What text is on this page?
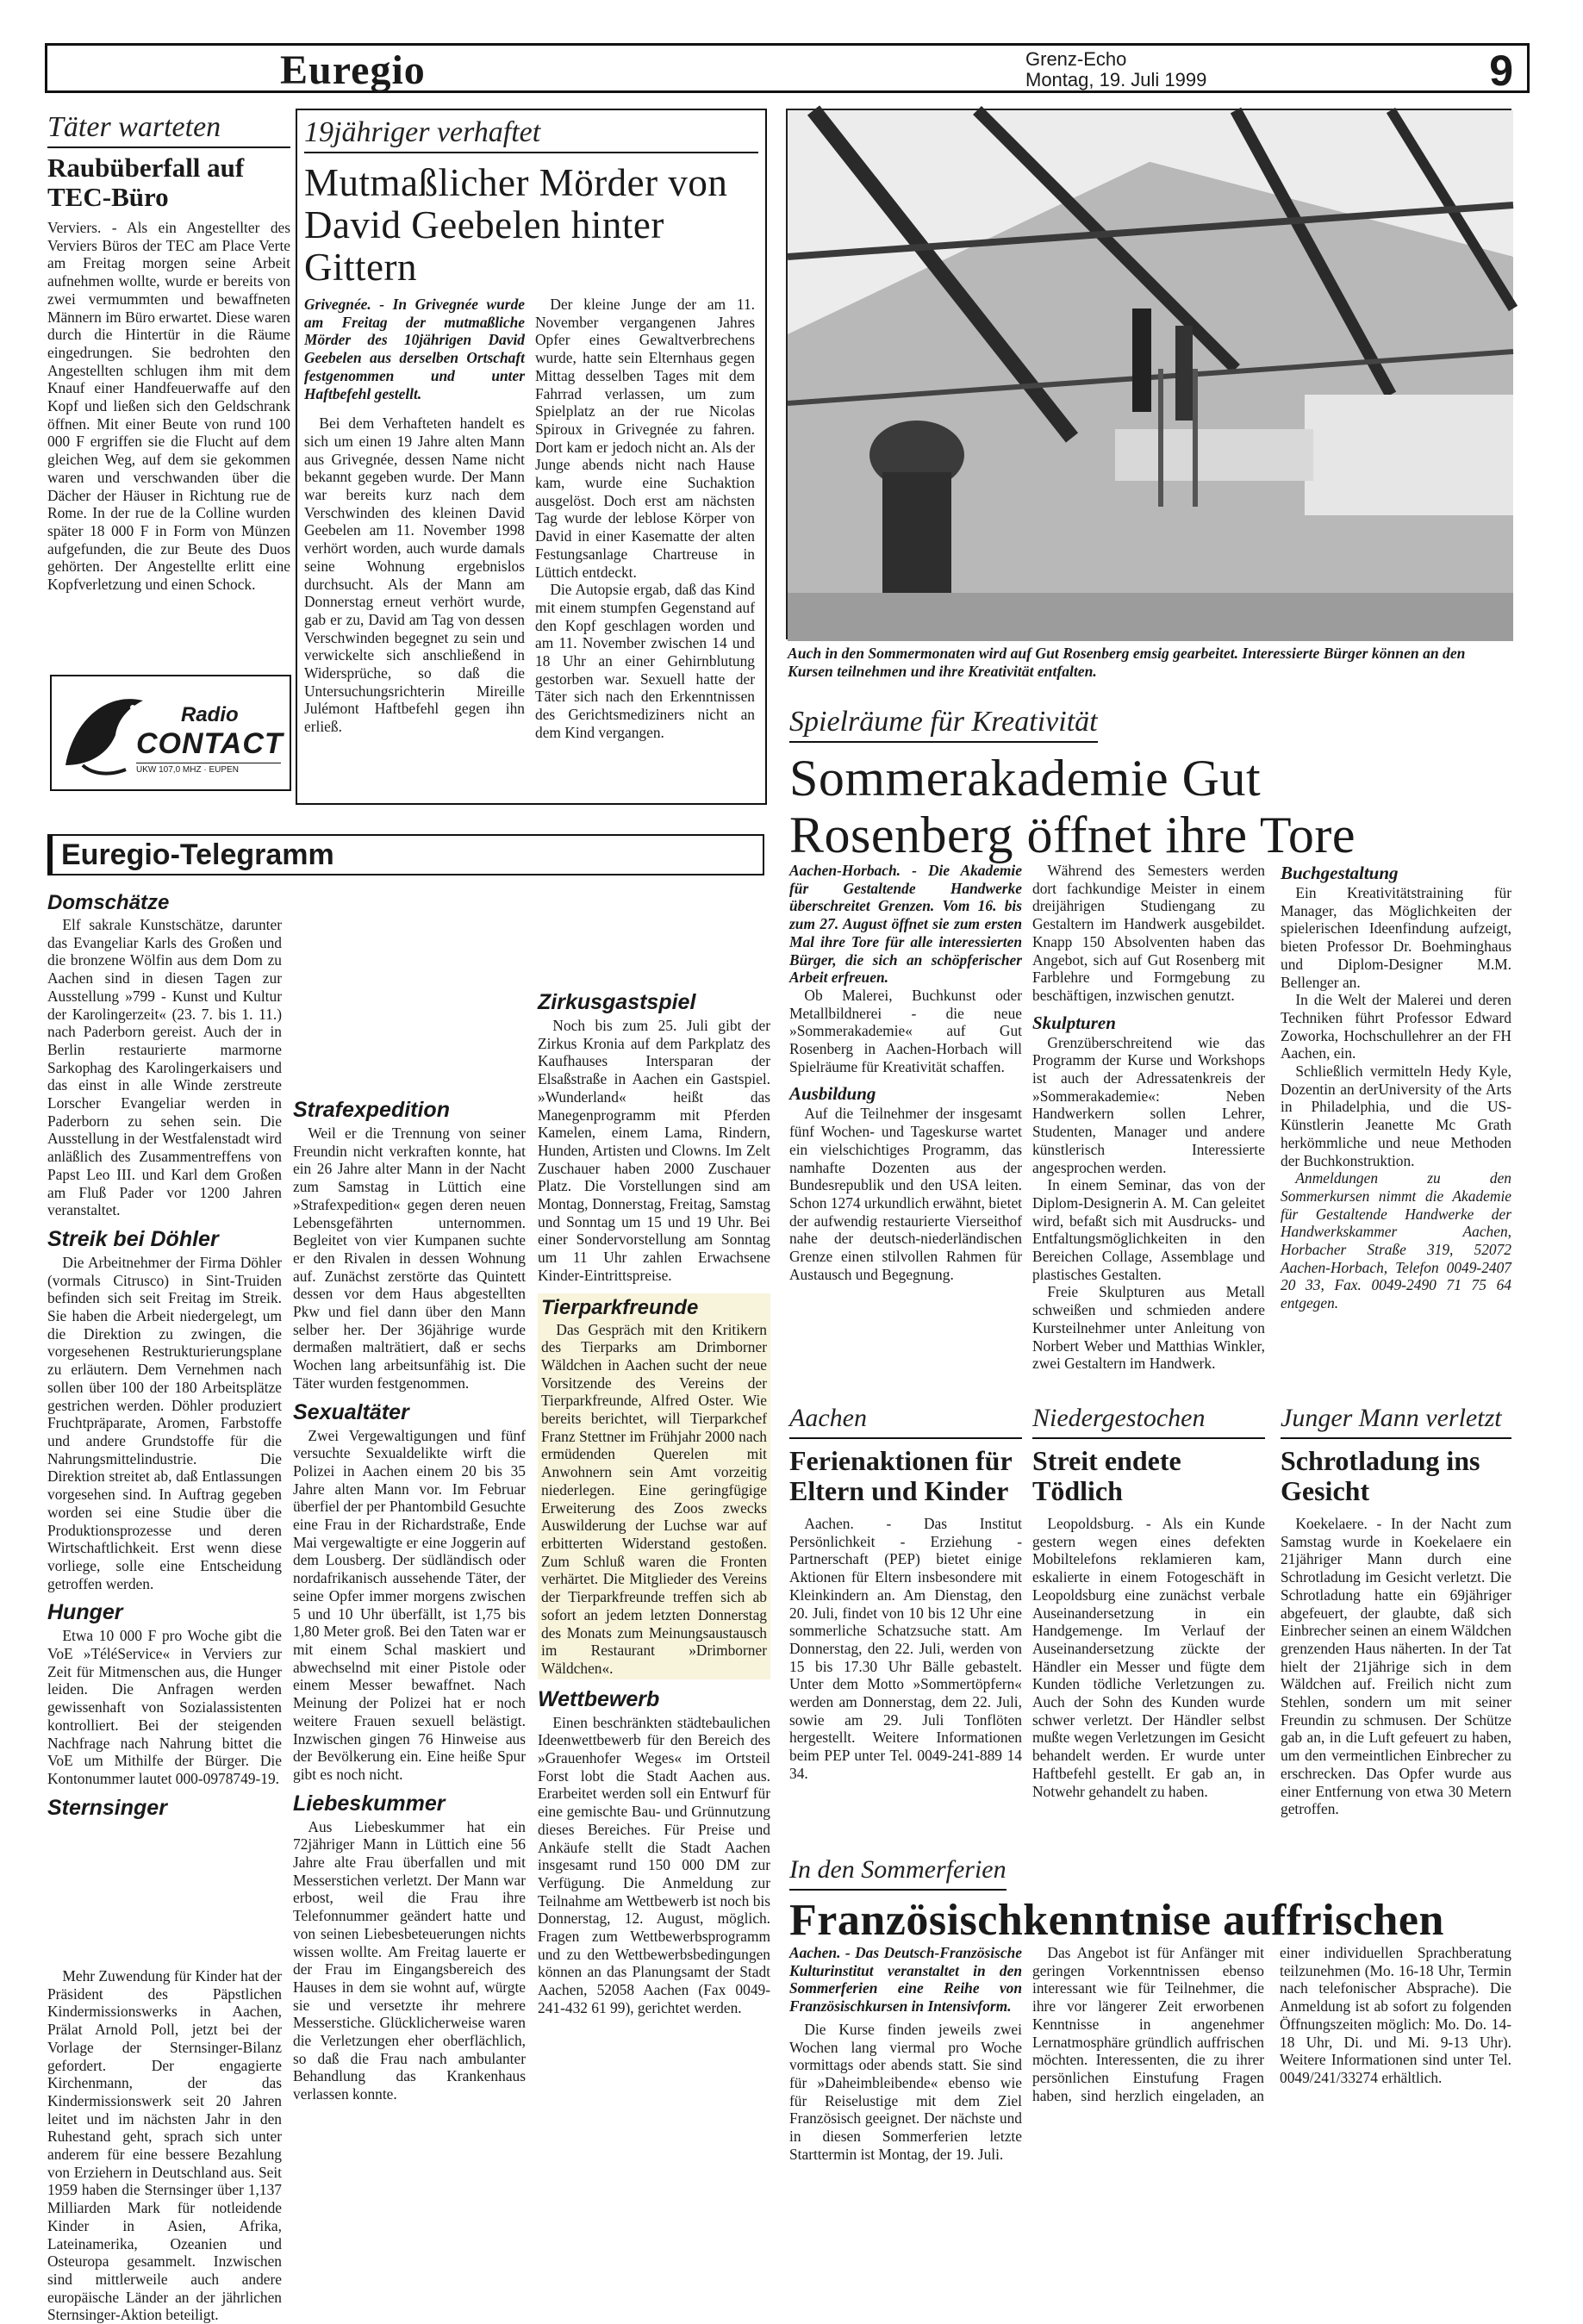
Euregio	Grenz-Echo
Montag, 19. Juli 1999	9
Täter warteten
Raubüberfall auf TEC-Büro
Verviers. - Als ein Angestellter des Verviers Büros der TEC am Place Verte am Freitag morgen seine Arbeit aufnehmen wollte, wurde er bereits von zwei vermummten und bewaffneten Männern im Büro erwartet. Diese waren durch die Hintertür in die Räume eingedrungen. Sie bedrohten den Angestellten schlugen ihm mit dem Knauf einer Handfeuerwaffe auf den Kopf und ließen sich den Geldschrank öffnen. Mit einer Beute von rund 100 000 F ergriffen sie die Flucht auf dem gleichen Weg, auf dem sie gekommen waren und verschwanden über die Dächer der Häuser in Richtung rue de Rome. In der rue de la Colline wurden später 18 000 F in Form von Münzen aufgefunden, die zur Beute des Duos gehörten. Der Angestellte erlitt eine Kopfverletzung und einen Schock.
Radio
CONTACT
UKW 107,0 MHZ · EUPEN
19jähriger verhaftet
Mutmaßlicher Mörder von David Geebelen hinter Gittern
Grivegnée. - In Grivegnée wurde am Freitag der mutmaßliche Mörder des 10jährigen David Geebelen aus derselben Ortschaft festgenommen und unter Haftbefehl gestellt.
Bei dem Verhafteten handelt es sich um einen 19 Jahre alten Mann aus Grivegnée, dessen Name nicht bekannt gegeben wurde. Der Mann war bereits kurz nach dem Verschwinden des kleinen David Geebelen am 11. November 1998 verhört worden, auch wurde damals seine Wohnung ergebnislos durchsucht. Als der Mann am Donnerstag erneut verhört wurde, gab er zu, David am Tag von dessen Verschwinden begegnet zu sein und verwickelte sich anschließend in Widersprüche, so daß die Untersuchungsrichterin Mireille Julémont Haftbefehl gegen ihn erließ.
Der kleine Junge der am 11. November vergangenen Jahres Opfer eines Gewaltverbrechens wurde, hatte sein Elternhaus gegen Mittag desselben Tages mit dem Fahrrad verlassen, um zum Spielplatz an der rue Nicolas Spiroux in Grivegnée zu fahren. Dort kam er jedoch nicht an. Als der Junge abends nicht nach Hause kam, wurde eine Suchaktion ausgelöst. Doch erst am nächsten Tag wurde der leblose Körper von David in einer Kasematte der alten Festungsanlage Chartreuse in Lüttich entdeckt.
Die Autopsie ergab, daß das Kind mit einem stumpfen Gegenstand auf den Kopf geschlagen worden und am 11. November zwischen 14 und 18 Uhr an einer Gehirnblutung gestorben war. Sexuell hatte der Täter sich nach den Erkenntnissen des Gerichtsmediziners nicht an dem Kind vergangen.
Auch in den Sommermonaten wird auf Gut Rosenberg emsig gearbeitet. Interessierte Bürger können an den Kursen teilnehmen und ihre Kreativität entfalten.
Spielräume für Kreativität
Sommerakademie Gut
Rosenberg öffnet ihre Tore
Aachen-Horbach. - Die Akademie für Gestaltende Handwerke überschreitet Grenzen. Vom 16. bis zum 27. August öffnet sie zum ersten Mal ihre Tore für alle interessierten Bürger, die sich an schöpferischer Arbeit erfreuen.
Ob Malerei, Buchkunst oder Metallbildnerei - die neue »Sommerakademie« auf Gut Rosenberg in Aachen-Horbach will Spielräume für Kreativität schaffen.
Ausbildung
Auf die Teilnehmer der insgesamt fünf Wochen- und Tageskurse wartet ein vielschichtiges Programm, das namhafte Dozenten aus der Bundesrepublik und den USA leiten. Schon 1274 urkundlich erwähnt, bietet der aufwendig restaurierte Vierseithof nahe der deutsch-niederländischen Grenze einen stilvollen Rahmen für Austausch und Begegnung.
Während des Semesters werden dort fachkundige Meister in einem dreijährigen Studiengang zu Gestaltern im Handwerk ausgebildet. Knapp 150 Absolventen haben das Angebot, sich auf Gut Rosenberg mit Farblehre und Formgebung zu beschäftigen, inzwischen genutzt.
Skulpturen
Grenzüberschreitend wie das Programm der Kurse und Workshops ist auch der Adressatenkreis der »Sommerakademie«: Neben Handwerkern sollen Lehrer, Studenten, Manager und andere künstlerisch Interessierte angesprochen werden.
In einem Seminar, das von der Diplom-Designerin A. M. Can geleitet wird, befaßt sich mit Ausdrucks- und Entfaltungsmöglichkeiten in den Bereichen Collage, Assemblage und plastisches Gestalten.
Freie Skulpturen aus Metall schweißen und schmieden andere Kursteilnehmer unter Anleitung von Norbert Weber und Matthias Winkler, zwei Gestaltern im Handwerk.
Buchgestaltung
Ein Kreativitätstraining für Manager, das Möglichkeiten der spielerischen Ideenfindung aufzeigt, bieten Professor Dr. Boehminghaus und Diplom-Designer M.M. Bellenger an.
In die Welt der Malerei und deren Techniken führt Professor Edward Zoworka, Hochschullehrer an der FH Aachen, ein.
Schließlich vermitteln Hedy Kyle, Dozentin an derUniversity of the Arts in Philadelphia, und die US-Künstlerin Jeanette Mc Grath herkömmliche und neue Methoden der Buchkonstruktion.
Anmeldungen zu den Sommerkursen nimmt die Akademie für Gestaltende Handwerke der Handwerkskammer Aachen, Horbacher Straße 319, 52072 Aachen-Horbach, Telefon 0049-2407 20 33, Fax. 0049-2490 71 75 64 entgegen.
Euregio-Telegramm
Domschätze
Elf sakrale Kunstschätze, darunter das Evangeliar Karls des Großen und die bronzene Wölfin aus dem Dom zu Aachen sind in diesen Tagen zur Ausstellung »799 - Kunst und Kultur der Karolingerzeit« (23. 7. bis 1. 11.) nach Paderborn gereist. Auch der in Berlin restaurierte marmorne Sarkophag des Karolingerkaisers und das einst in alle Winde zerstreute Lorscher Evangeliar werden in Paderborn zu sehen sein. Die Ausstellung in der Westfalenstadt wird anläßlich des Zusammentreffens von Papst Leo III. und Karl dem Großen am Fluß Pader vor 1200 Jahren veranstaltet.
Streik bei Döhler
Die Arbeitnehmer der Firma Döhler (vormals Citrusco) in Sint-Truiden befinden sich seit Freitag im Streik. Sie haben die Arbeit niedergelegt, um die Direktion zu zwingen, die vorgesehenen Restrukturierungsplane zu erläutern. Dem Vernehmen nach sollen über 100 der 180 Arbeitsplätze gestrichen werden. Döhler produziert Fruchtpräparate, Aromen, Farbstoffe und andere Grundstoffe für die Nahrungsmittelindustrie. Die Direktion streitet ab, daß Entlassungen vorgesehen sind. In Auftrag gegeben worden sei eine Studie über die Produktionsprozesse und deren Wirtschaftlichkeit. Erst wenn diese vorliege, solle eine Entscheidung getroffen werden.
Hunger
Etwa 10 000 F pro Woche gibt die VoE »TéléService« in Verviers zur Zeit für Mitmenschen aus, die Hunger leiden. Die Anfragen werden gewissenhaft von Sozialassistenten kontrolliert. Bei der steigenden Nachfrage nach Nahrung bittet die VoE um Mithilfe der Bürger. Die Kontonummer lautet 000-0978749-19.
Sternsinger
Mehr Zuwendung für Kinder hat der Präsident des Päpstlichen Kindermissionswerks in Aachen, Prälat Arnold Poll, jetzt bei der Vorlage der Sternsinger-Bilanz gefordert. Der engagierte Kirchenmann, der das Kindermissionswerk seit 20 Jahren leitet und im nächsten Jahr in den Ruhestand geht, sprach sich unter anderem für eine bessere Bezahlung von Erziehern in Deutschland aus. Seit 1959 haben die Sternsinger über 1,137 Milliarden Mark für notleidende Kinder in Asien, Afrika, Lateinamerika, Ozeanien und Osteuropa gesammelt. Inzwischen sind mittlerweile auch andere europäische Länder an der jährlichen Sternsinger-Aktion beteiligt.
Strafexpedition
Weil er die Trennung von seiner Freundin nicht verkraften konnte, hat ein 26 Jahre alter Mann in der Nacht zum Samstag in Lüttich eine »Strafexpedition« gegen deren neuen Lebensgefährten unternommen. Begleitet von vier Kumpanen suchte er den Rivalen in dessen Wohnung auf. Zunächst zerstörte das Quintett dessen vor dem Haus abgestellten Pkw und fiel dann über den Mann selber her. Der 36jährige wurde dermaßen malträtiert, daß er sechs Wochen lang arbeitsunfähig ist. Die Täter wurden festgenommen.
Sexualtäter
Zwei Vergewaltigungen und fünf versuchte Sexualdelikte wirft die Polizei in Aachen einem 20 bis 35 Jahre alten Mann vor. Im Februar überfiel der per Phantombild Gesuchte eine Frau in der Richardstraße, Ende Mai vergewaltigte er eine Joggerin auf dem Lousberg. Der südländisch oder nordafrikanisch aussehende Täter, der seine Opfer immer morgens zwischen 5 und 10 Uhr überfällt, ist 1,75 bis 1,80 Meter groß. Bei den Taten war er mit einem Schal maskiert und abwechselnd mit einer Pistole oder einem Messer bewaffnet. Nach Meinung der Polizei hat er noch weitere Frauen sexuell belästigt. Inzwischen gingen 76 Hinweise aus der Bevölkerung ein. Eine heiße Spur gibt es noch nicht.
Liebeskummer
Aus Liebeskummer hat ein 72jähriger Mann in Lüttich eine 56 Jahre alte Frau überfallen und mit Messerstichen verletzt. Der Mann war erbost, weil die Frau ihre Telefonnummer geändert hatte und von seinen Liebesbeteuerungen nichts wissen wollte. Am Freitag lauerte er der Frau im Eingangsbereich des Hauses in dem sie wohnt auf, würgte sie und versetzte ihr mehrere Messerstiche. Glücklicherweise waren die Verletzungen eher oberflächlich, so daß die Frau nach ambulanter Behandlung das Krankenhaus verlassen konnte.
Zirkusgastspiel
Noch bis zum 25. Juli gibt der Zirkus Kronia auf dem Parkplatz des Kaufhauses Intersparan der Elsaßstraße in Aachen ein Gastspiel. »Wunderland« heißt das Manegenprogramm mit Pferden Kamelen, einem Lama, Rindern, Hunden, Artisten und Clowns. Im Zelt Zuschauer haben 2000 Zuschauer Platz. Die Vorstellungen sind am Montag, Donnerstag, Freitag, Samstag und Sonntag um 15 und 19 Uhr. Bei einer Sondervorstellung am Sonntag um 11 Uhr zahlen Erwachsene Kinder-Eintrittspreise.
Tierparkfreunde
Das Gespräch mit den Kritikern des Tierparks am Drimborner Wäldchen in Aachen sucht der neue Vorsitzende des Vereins der Tierparkfreunde, Alfred Oster. Wie bereits berichtet, will Tierparkchef Franz Stettner im Frühjahr 2000 nach ermüdenden Querelen mit Anwohnern sein Amt vorzeitig niederlegen. Eine geringfügige Erweiterung des Zoos zwecks Auswilderung der Luchse war auf erbitterten Widerstand gestoßen. Zum Schluß waren die Fronten verhärtet. Die Mitglieder des Vereins der Tierparkfreunde treffen sich ab sofort an jedem letzten Donnerstag des Monats zum Meinungsaustausch im Restaurant »Drimborner Wäldchen«.
Wettbewerb
Einen beschränkten städtebaulichen Ideenwettbewerb für den Bereich des »Grauenhofer Weges« im Ortsteil Forst lobt die Stadt Aachen aus. Erarbeitet werden soll ein Entwurf für eine gemischte Bau- und Grünnutzung dieses Bereiches. Für Preise und Ankäufe stellt die Stadt Aachen insgesamt rund 150 000 DM zur Verfügung. Die Anmeldung zur Teilnahme am Wettbewerb ist noch bis Donnerstag, 12. August, möglich. Fragen zum Wettbewerbsprogramm und zu den Wettbewerbsbedingungen können an das Planungsamt der Stadt Aachen, 52058 Aachen (Fax 0049-241-432 61 99), gerichtet werden.
Aachen
Ferienaktionen für Eltern und Kinder
Aachen. - Das Institut Persönlichkeit - Erziehung - Partnerschaft (PEP) bietet einige Aktionen für Eltern insbesondere mit Kleinkindern an. Am Dienstag, den 20. Juli, findet von 10 bis 12 Uhr eine sommerliche Schatzsuche statt. Am Donnerstag, den 22. Juli, werden von 15 bis 17.30 Uhr Bälle gebastelt. Unter dem Motto »Sommertöpfern« werden am Donnerstag, dem 22. Juli, sowie am 29. Juli Tonflöten hergestellt. Weitere Informationen beim PEP unter Tel. 0049-241-889 14 34.
Niedergestochen
Streit endete Tödlich
Leopoldsburg. - Als ein Kunde gestern wegen eines defekten Mobiltelefons reklamieren kam, eskalierte in einem Fotogeschäft in Leopoldsburg eine zunächst verbale Auseinandersetzung in ein Handgemenge. Im Verlauf der Auseinandersetzung zückte der Händler ein Messer und fügte dem Kunden tödliche Verletzungen zu. Auch der Sohn des Kunden wurde schwer verletzt. Der Händler selbst mußte wegen Verletzungen im Gesicht behandelt werden. Er wurde unter Haftbefehl gestellt. Er gab an, in Notwehr gehandelt zu haben.
Junger Mann verletzt
Schrotladung ins Gesicht
Koekelaere. - In der Nacht zum Samstag wurde in Koekelaere ein 21jähriger Mann durch eine Schrotladung im Gesicht verletzt. Die Schrotladung hatte ein 69jähriger abgefeuert, der glaubte, daß sich Einbrecher seinen an einem Wäldchen grenzenden Haus näherten. In der Tat hielt der 21jährige sich in dem Wäldchen auf. Freilich nicht zum Stehlen, sondern um mit seiner Freundin zu schmusen. Der Schütze gab an, in die Luft gefeuert zu haben, um den vermeintlichen Einbrecher zu erschrecken. Das Opfer wurde aus einer Entfernung von etwa 30 Metern getroffen.
In den Sommerferien
Französischkenntnise auffrischen
Aachen. - Das Deutsch-Französische Kulturinstitut veranstaltet in den Sommerferien eine Reihe von Französischkursen in Intensivform.
Die Kurse finden jeweils zwei Wochen lang viermal pro Woche vormittags oder abends statt. Sie sind für »Daheimbleibende« ebenso wie für Reiselustige mit dem Ziel Französisch geeignet. Der nächste und in diesen Sommerferien letzte Starttermin ist Montag, der 19. Juli.
Das Angebot ist für Anfänger mit geringen Vorkenntnissen ebenso interessant wie für Teilnehmer, die ihre vor längerer Zeit erworbenen Kenntnisse in angenehmer Lernatmosphäre gründlich auffrischen möchten. Interessenten, die zu ihrer persönlichen Einstufung Fragen haben, sind herzlich eingeladen, an einer individuellen Sprachberatung teilzunehmen (Mo. 16-18 Uhr, Termin nach telefonischer Absprache). Die Anmeldung ist ab sofort zu folgenden Öffnungszeiten möglich: Mo. Do. 14-18 Uhr, Di. und Mi. 9-13 Uhr). Weitere Informationen sind unter Tel. 0049/241/33274 erhältlich.
